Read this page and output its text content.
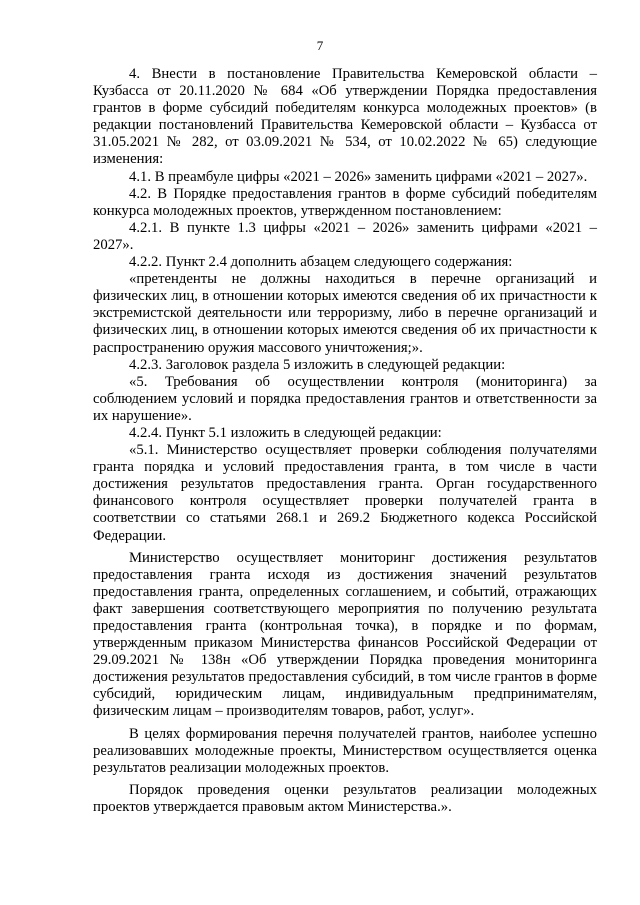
7

4. Внести в постановление Правительства Кемеровской области – Кузбасса от 20.11.2020 № 684 «Об утверждении Порядка предоставления грантов в форме субсидий победителям конкурса молодежных проектов» (в редакции постановлений Правительства Кемеровской области – Кузбасса от 31.05.2021 № 282, от 03.09.2021 № 534, от 10.02.2022 № 65) следующие изменения:

4.1. В преамбуле цифры «2021 – 2026» заменить цифрами «2021 – 2027».

4.2. В Порядке предоставления грантов в форме субсидий победителям конкурса молодежных проектов, утвержденном постановлением:

4.2.1. В пункте 1.3 цифры «2021 – 2026» заменить цифрами «2021 – 2027».

4.2.2. Пункт 2.4 дополнить абзацем следующего содержания:

«претенденты не должны находиться в перечне организаций и физических лиц, в отношении которых имеются сведения об их причастности к экстремистской деятельности или терроризму, либо в перечне организаций и физических лиц, в отношении которых имеются сведения об их причастности к распространению оружия массового уничтожения;».

4.2.3. Заголовок раздела 5 изложить в следующей редакции:

«5. Требования об осуществлении контроля (мониторинга) за соблюдением условий и порядка предоставления грантов и ответственности за их нарушение».

4.2.4. Пункт 5.1 изложить в следующей редакции:

«5.1. Министерство осуществляет проверки соблюдения получателями гранта порядка и условий предоставления гранта, в том числе в части достижения результатов предоставления гранта. Орган государственного финансового контроля осуществляет проверки получателей гранта в соответствии со статьями 268.1 и 269.2 Бюджетного кодекса Российской Федерации.

Министерство осуществляет мониторинг достижения результатов предоставления гранта исходя из достижения значений результатов предоставления гранта, определенных соглашением, и событий, отражающих факт завершения соответствующего мероприятия по получению результата предоставления гранта (контрольная точка), в порядке и по формам, утвержденным приказом Министерства финансов Российской Федерации от 29.09.2021 № 138н «Об утверждении Порядка проведения мониторинга достижения результатов предоставления субсидий, в том числе грантов в форме субсидий, юридическим лицам, индивидуальным предпринимателям, физическим лицам – производителям товаров, работ, услуг».

В целях формирования перечня получателей грантов, наиболее успешно реализовавших молодежные проекты, Министерством осуществляется оценка результатов реализации молодежных проектов.

Порядок проведения оценки результатов реализации молодежных проектов утверждается правовым актом Министерства.».
